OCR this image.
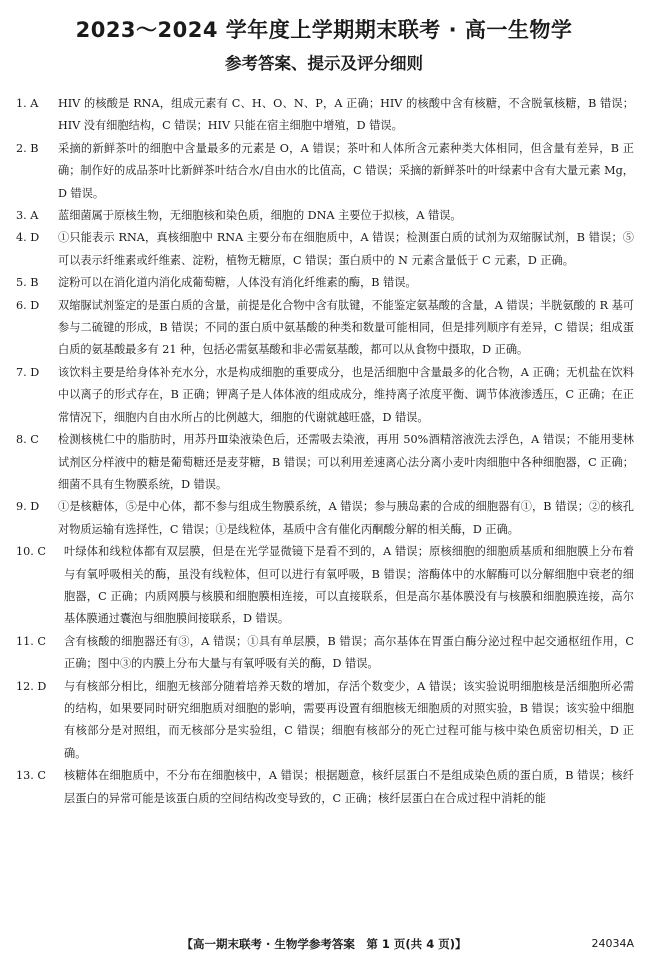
2023～2024 学年度上学期期末联考 · 高一生物学
参考答案、提示及评分细则
1. A	HIV 的核酸是 RNA，组成元素有 C、H、O、N、P，A 正确；HIV 的核酸中含有核糖，不含脱氧核糖，B 错误；HIV 没有细胞结构，C 错误；HIV 只能在宿主细胞中增殖，D 错误。
2. B	采摘的新鲜茶叶的细胞中含量最多的元素是 O，A 错误；茶叶和人体所含元素种类大体相同，但含量有差异，B 正确；制作好的成品茶叶比新鲜茶叶结合水/自由水的比值高，C 错误；采摘的新鲜茶叶的叶绿素中含有大量元素 Mg，D 错误。
3. A	蓝细菌属于原核生物，无细胞核和染色质，细胞的 DNA 主要位于拟核，A 错误。
4. D	①只能表示 RNA，真核细胞中 RNA 主要分布在细胞质中，A 错误；检测蛋白质的试剂为双缩脲试剂，B 错误；⑤可以表示纤维素或纤维素、淀粉，植物无糖原，C 错误；蛋白质中的 N 元素含量低于 C 元素，D 正确。
5. B	淀粉可以在消化道内消化成葡萄糖，人体没有消化纤维素的酶，B 错误。
6. D	双缩脲试剂鉴定的是蛋白质的含量，前提是化合物中含有肽键，不能鉴定氨基酸的含量，A 错误；半胱氨酸的 R 基可参与二硫键的形成，B 错误；不同的蛋白质中氨基酸的种类和数量可能相同，但是排列顺序有差异，C 错误；组成蛋白质的氨基酸最多有 21 种，包括必需氨基酸和非必需氨基酸，都可以从食物中摄取，D 正确。
7. D	该饮料主要是给身体补充水分，水是构成细胞的重要成分，也是活细胞中含量最多的化合物，A 正确；无机盐在饮料中以离子的形式存在，B 正确；钾离子是人体体液的组成成分，维持离子浓度平衡、调节体液渗透压，C 正确；在正常情况下，细胞内自由水所占的比例越大，细胞的代谢就越旺盛，D 错误。
8. C	检测核桃仁中的脂肪时，用苏丹Ⅲ染液染色后，还需吸去染液，再用 50%酒精溶液洗去浮色，A 错误；不能用斐林试剂区分样液中的糖是葡萄糖还是麦芽糖，B 错误；可以利用差速离心法分离小麦叶肉细胞中各种细胞器，C 正确；细菌不具有生物膜系统，D 错误。
9. D	①是核糖体，⑤是中心体，都不参与组成生物膜系统，A 错误；参与胰岛素的合成的细胞器有①，B 错误；②的核孔对物质运输有选择性，C 错误；①是线粒体，基质中含有催化丙酮酸分解的相关酶，D 正确。
10. C	叶绿体和线粒体都有双层膜，但是在光学显微镜下是看不到的，A 错误；原核细胞的细胞质基质和细胞膜上分布着与有氧呼吸相关的酶，虽没有线粒体，但可以进行有氧呼吸，B 错误；溶酶体中的水解酶可以分解细胞中衰老的细胞器，C 正确；内质网膜与核膜和细胞膜相连接，可以直接联系，但是高尔基体膜没有与核膜和细胞膜连接，高尔基体膜通过囊泡与细胞膜间接联系，D 错误。
11. C	含有核酸的细胞器还有③，A 错误；①具有单层膜，B 错误；高尔基体在胃蛋白酶分泌过程中起交通枢纽作用，C 正确；图中③的内膜上分布大量与有氧呼吸有关的酶，D 错误。
12. D	与有核部分相比，细胞无核部分随着培养天数的增加，存活个数变少，A 错误；该实验说明细胞核是活细胞所必需的结构，如果要同时研究细胞质对细胞的影响，需要再设置有细胞核无细胞质的对照实验，B 错误；该实验中细胞有核部分是对照组，而无核部分是实验组，C 错误；细胞有核部分的死亡过程可能与核中染色质密切相关，D 正确。
13. C	核糖体在细胞质中，不分布在细胞核中，A 错误；根据题意，核纤层蛋白不是组成染色质的蛋白质，B 错误；核纤层蛋白的异常可能是该蛋白质的空间结构改变导致的，C 正确；核纤层蛋白在合成过程中消耗的能
【高一期末联考 · 生物学参考答案　第 1 页(共 4 页)】	24034A
